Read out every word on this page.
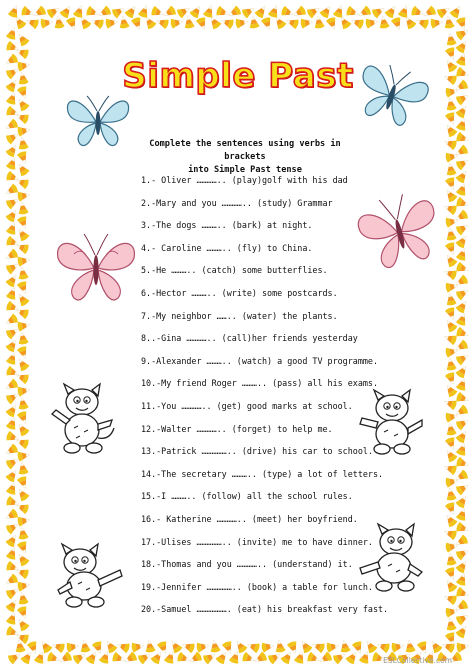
Simple Past
Complete the sentences using verbs in brackets
into Simple Past tense
1.- Oliver ………….. (play)golf with his dad
2.-Mary and you ………….. (study) Grammar
3.-The dogs ……….. (bark) at night.
4.- Caroline ……….. (fly) to China.
5.-He ……….. (catch) some butterflies.
6.-Hector ……….. (write) some postcards.
7.-My neighbor …….. (water) the plants.
8..-Gina ………….. (call)her friends yesterday
9.-Alexander ……….. (watch) a good TV programme.
10.-My friend Roger ……….. (pass) all his exams.
11.-You ………….. (get) good marks at school.
12.-Walter ………….. (forget) to help me.
13.-Patrick …………….. (drive) his car to school.
14.-The secretary ……….. (type) a lot of letters.
15.-I ……….. (follow) all the school rules.
16.- Katherine ………….. (meet) her boyfriend.
17.-Ulises …………….. (invite) me to have dinner.
18.-Thomas and you ………….. (understand) it.
19.-Jennifer …………….. (book) a table for lunch.
20.-Samuel ………………. (eat) his breakfast very fast.
ESLCollective.com
